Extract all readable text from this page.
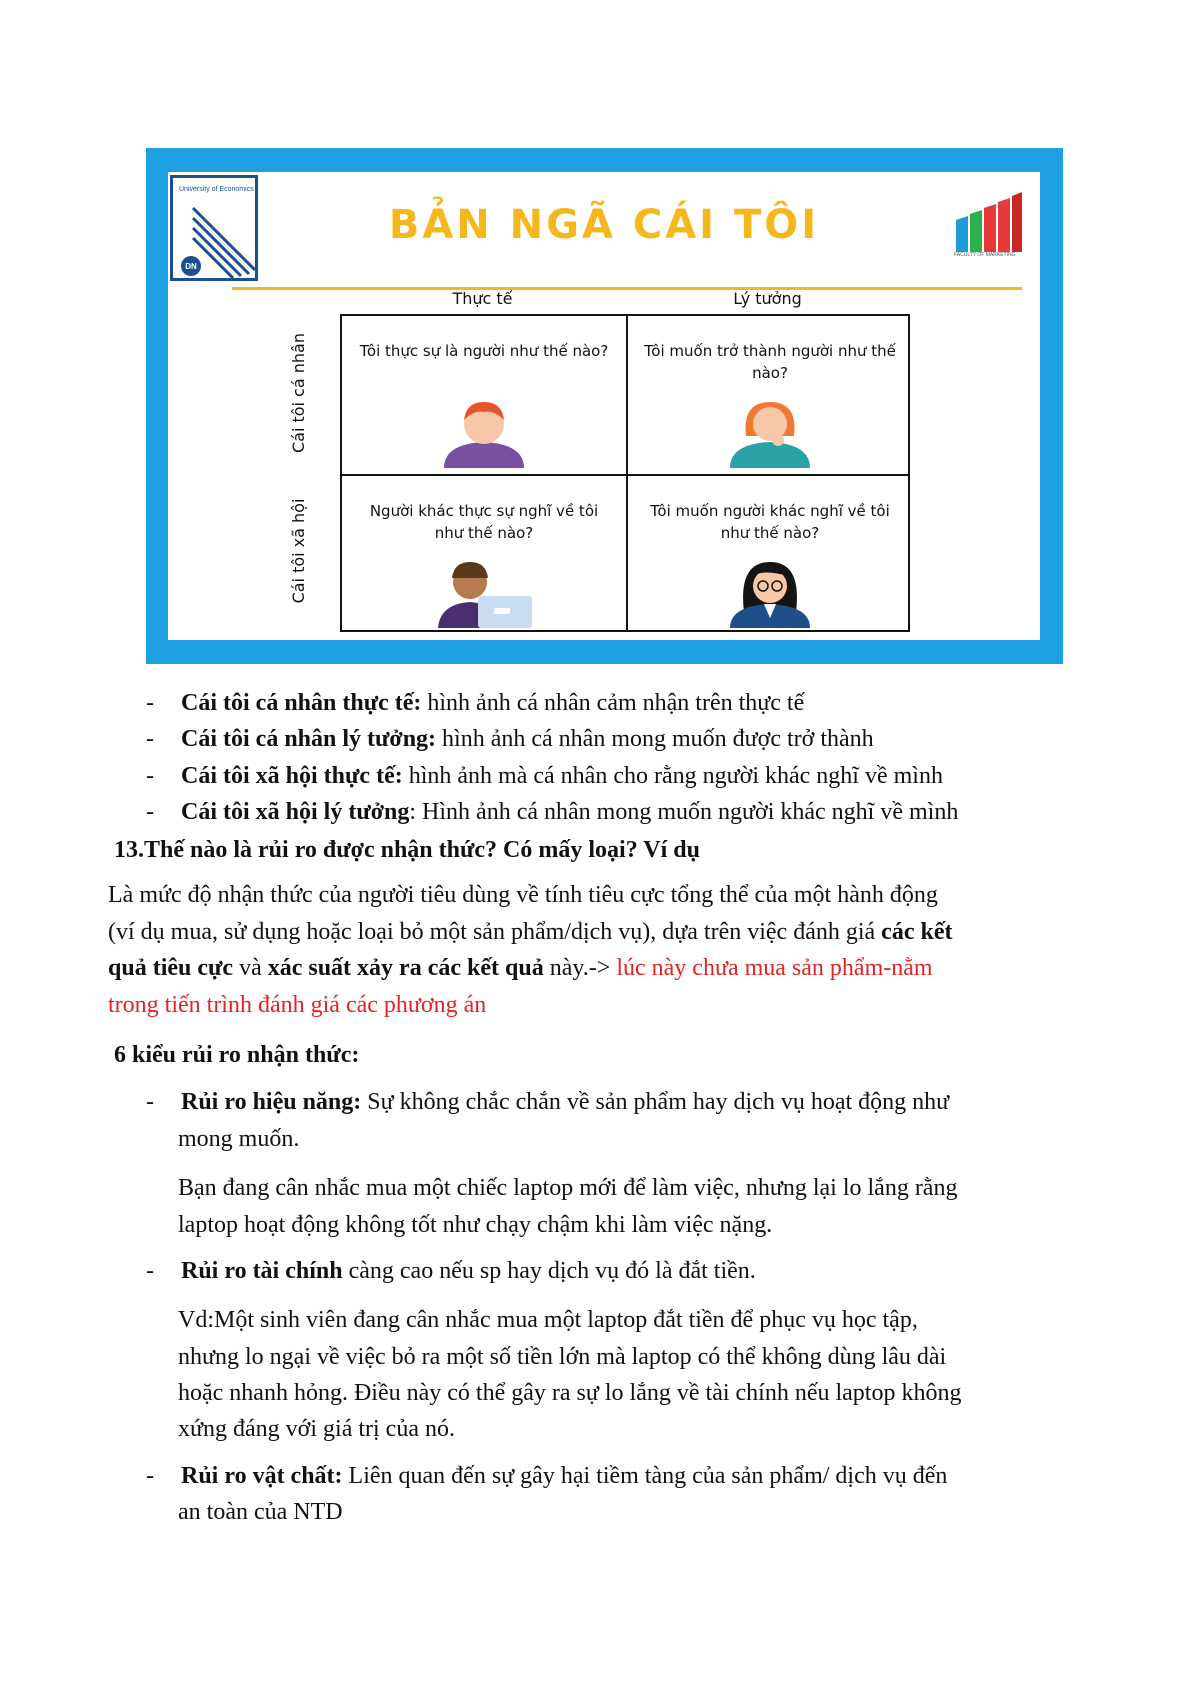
University of Economics
DN
BẢN NGÃ CÁI TÔI
FACULTY OF MARKETING
Thực tế	Lý tưởng
Cái tôi cá nhân
Cái tôi xã hội
Tôi thực sự là người như thế nào?	Tôi muốn trở thành người như thế nào?
Người khác thực sự nghĩ về tôi như thế nào?
Tôi muốn người khác nghĩ về tôi như thế nào?
- Cái tôi cá nhân thực tế: hình ảnh cá nhân cảm nhận trên thực tế
- Cái tôi cá nhân lý tưởng: hình ảnh cá nhân mong muốn được trở thành
- Cái tôi xã hội thực tế: hình ảnh mà cá nhân cho rằng người khác nghĩ về mình
- Cái tôi xã hội lý tưởng: Hình ảnh cá nhân mong muốn người khác nghĩ về mình
13.Thế nào là rủi ro được nhận thức? Có mấy loại? Ví dụ
Là mức độ nhận thức của người tiêu dùng về tính tiêu cực tổng thể của một hành động
(ví dụ mua, sử dụng hoặc loại bỏ một sản phẩm/dịch vụ), dựa trên việc đánh giá các kết
quả tiêu cực và xác suất xảy ra các kết quả này.-> lúc này chưa mua sản phẩm-nằm
trong tiến trình đánh giá các phương án
6 kiểu rủi ro nhận thức:
- Rủi ro hiệu năng: Sự không chắc chắn về sản phẩm hay dịch vụ hoạt động như
mong muốn.
Bạn đang cân nhắc mua một chiếc laptop mới để làm việc, nhưng lại lo lắng rằng
laptop hoạt động không tốt như chạy chậm khi làm việc nặng.
- Rủi ro tài chính càng cao nếu sp hay dịch vụ đó là đắt tiền.
Vd:Một sinh viên đang cân nhắc mua một laptop đắt tiền để phục vụ học tập,
nhưng lo ngại về việc bỏ ra một số tiền lớn mà laptop có thể không dùng lâu dài
hoặc nhanh hỏng. Điều này có thể gây ra sự lo lắng về tài chính nếu laptop không
xứng đáng với giá trị của nó.
- Rủi ro vật chất: Liên quan đến sự gây hại tiềm tàng của sản phẩm/ dịch vụ đến
an toàn của NTD
